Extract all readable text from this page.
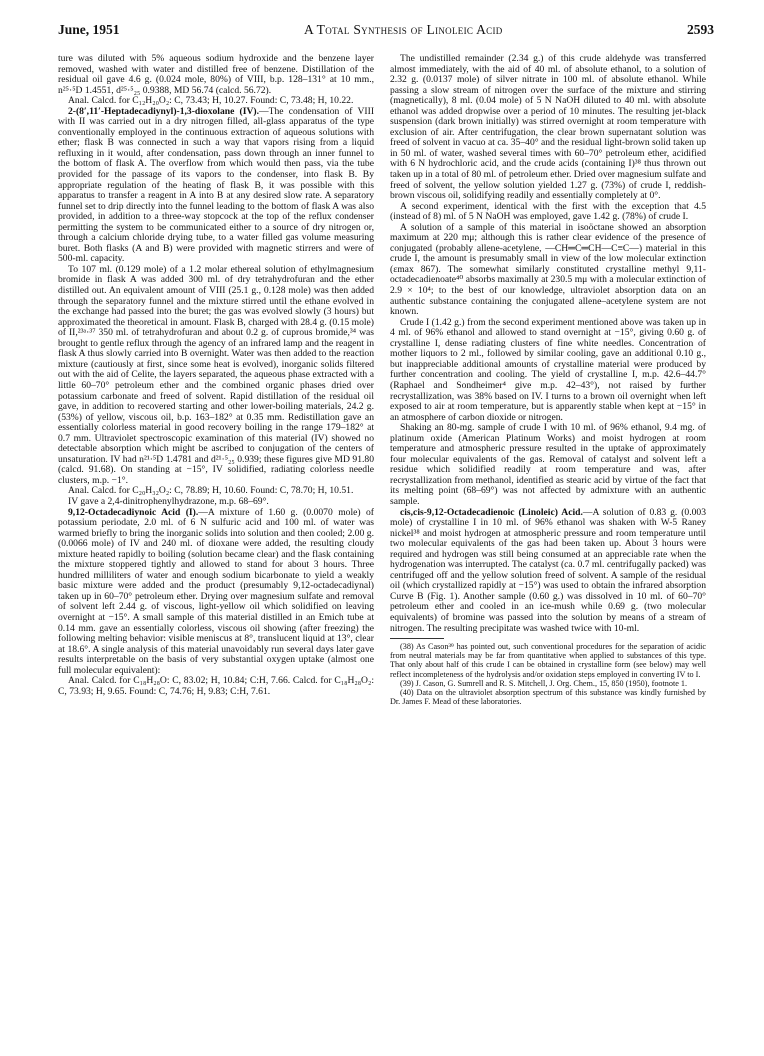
June, 1951	A Total Synthesis of Linoleic Acid	2593

ture was diluted with 5% aqueous sodium hydroxide and the benzene layer removed, washed with water and distilled free of benzene. Distillation of the residual oil gave 4.6 g. (0.024 mole, 80%) of VIII, b.p. 128–131° at 10 mm., n²⁵·⁵D 1.4551, d²⁵·⁵₂₅ 0.9388, MD 56.74 (calcd. 56.72).

Anal. Calcd. for C₁₂H₂₀O₂: C, 73.43; H, 10.27. Found: C, 73.48; H, 10.22.

2-(8′,11′-Heptadecadiynyl)-1,3-dioxolane (IV).—The condensation of VIII with II was carried out in a dry nitrogen filled, all-glass apparatus of the type conventionally employed in the continuous extraction of aqueous solutions with ether; flask B was connected in such a way that vapors rising from a liquid refluxing in it would, after condensation, pass down through an inner funnel to the bottom of flask A. The overflow from which would then pass, via the tube provided for the passage of its vapors to the condenser, into flask B. By appropriate regulation of the heating of flask B, it was possible with this apparatus to transfer a reagent in A into B at any desired slow rate. A separatory funnel set to drip directly into the funnel leading to the bottom of flask A was also provided, in addition to a three-way stopcock at the top of the reflux condenser permitting the system to be communicated either to a source of dry nitrogen or, through a calcium chloride drying tube, to a water filled gas volume measuring buret. Both flasks (A and B) were provided with magnetic stirrers and were of 500-ml. capacity.

To 107 ml. (0.129 mole) of a 1.2 molar ethereal solution of ethylmagnesium bromide in flask A was added 300 ml. of dry tetrahydrofuran and the ether distilled out. An equivalent amount of VIII (25.1 g., 0.128 mole) was then added through the separatory funnel and the mixture stirred until the ethane evolved in the exchange had passed into the buret; the gas was evolved slowly (3 hours) but approximated the theoretical in amount. Flask B, charged with 28.4 g. (0.15 mole) of II,²³ᵃ·³⁷ 350 ml. of tetrahydrofuran and about 0.2 g. of cuprous bromide,³⁴ was brought to gentle reflux through the agency of an infrared lamp and the reagent in flask A thus slowly carried into B overnight. Water was then added to the reaction mixture (cautiously at first, since some heat is evolved), inorganic solids filtered out with the aid of Celite, the layers separated, the aqueous phase extracted with a little 60–70° petroleum ether and the combined organic phases dried over potassium carbonate and freed of solvent. Rapid distillation of the residual oil gave, in addition to recovered starting and other lower-boiling materials, 24.2 g. (53%) of yellow, viscous oil, b.p. 163–182° at 0.35 mm. Redistillation gave an essentially colorless material in good recovery boiling in the range 179–182° at 0.7 mm. Ultraviolet spectroscopic examination of this material (IV) showed no detectable absorption which might be ascribed to conjugation of the centers of unsaturation. IV had n²¹·⁵D 1.4781 and d²¹·⁵₂₅ 0.939; these figures give MD 91.80 (calcd. 91.68). On standing at −15°, IV solidified, radiating colorless needle clusters, m.p. −1°.

Anal. Calcd. for C₂₀H₃₂O₂: C, 78.89; H, 10.60. Found: C, 78.70; H, 10.51.

IV gave a 2,4-dinitrophenylhydrazone, m.p. 68–69°.

9,12-Octadecadiynoic Acid (I).—A mixture of 1.60 g. (0.0070 mole) of potassium periodate, 2.0 ml. of 6 N sulfuric acid and 100 ml. of water was warmed briefly to bring the inorganic solids into solution and then cooled; 2.00 g. (0.0066 mole) of IV and 240 ml. of dioxane were added, the resulting cloudy mixture heated rapidly to boiling (solution became clear) and the flask containing the mixture stoppered tightly and allowed to stand for about 3 hours. Three hundred milliliters of water and enough sodium bicarbonate to yield a weakly basic mixture were added and the product (presumably 9,12-octadecadiynal) taken up in 60–70° petroleum ether. Drying over magnesium sulfate and removal of solvent left 2.44 g. of viscous, light-yellow oil which solidified on leaving overnight at −15°. A small sample of this material distilled in an Emich tube at 0.14 mm. gave an essentially colorless, viscous oil showing (after freezing) the following melting behavior: visible meniscus at 8°, translucent liquid at 13°, clear at 18.6°. A single analysis of this material unavoidably run several days later gave results interpretable on the basis of very substantial oxygen uptake (almost one full molecular equivalent):

Anal. Calcd. for C₁₈H₂₈O: C, 83.02; H, 10.84; C:H, 7.66. Calcd. for C₁₈H₂₈O₂: C, 73.93; H, 9.65. Found: C, 74.76; H, 9.83; C:H, 7.61.

The undistilled remainder (2.34 g.) of this crude aldehyde was transferred almost immediately, with the aid of 40 ml. of absolute ethanol, to a solution of 2.32 g. (0.0137 mole) of silver nitrate in 100 ml. of absolute ethanol. While passing a slow stream of nitrogen over the surface of the mixture and stirring (magnetically), 8 ml. (0.04 mole) of 5 N NaOH diluted to 40 ml. with absolute ethanol was added dropwise over a period of 10 minutes. The resulting jet-black suspension (dark brown initially) was stirred overnight at room temperature with exclusion of air. After centrifugation, the clear brown supernatant solution was freed of solvent in vacuo at ca. 35–40° and the residual light-brown solid taken up in 50 ml. of water, washed several times with 60–70° petroleum ether, acidified with 6 N hydrochloric acid, and the crude acids (containing I)³⁸ thus thrown out taken up in a total of 80 ml. of petroleum ether. Dried over magnesium sulfate and freed of solvent, the yellow solution yielded 1.27 g. (73%) of crude I, reddish-brown viscous oil, solidifying readily and essentially completely at 0°.

A second experiment, identical with the first with the exception that 4.5 (instead of 8) ml. of 5 N NaOH was employed, gave 1.42 g. (78%) of crude I.

A solution of a sample of this material in isoöctane showed an absorption maximum at 220 mμ; although this is rather clear evidence of the presence of conjugated (probably allene-acetylene, —CH═C═CH—C≡C—) material in this crude I, the amount is presumably small in view of the low molecular extinction (εmax 867). The somewhat similarly constituted crystalline methyl 9,11-octadecadienoate⁴⁰ absorbs maximally at 230.5 mμ with a molecular extinction of 2.9 × 10⁴; to the best of our knowledge, ultraviolet absorption data on an authentic substance containing the conjugated allene–acetylene system are not known.

Crude I (1.42 g.) from the second experiment mentioned above was taken up in 4 ml. of 96% ethanol and allowed to stand overnight at −15°, giving 0.60 g. of crystalline I, dense radiating clusters of fine white needles. Concentration of mother liquors to 2 ml., followed by similar cooling, gave an additional 0.10 g., but inappreciable additional amounts of crystalline material were produced by further concentration and cooling. The yield of crystalline I, m.p. 42.6–44.7° (Raphael and Sondheimer⁴ give m.p. 42–43°), not raised by further recrystallization, was 38% based on IV. I turns to a brown oil overnight when left exposed to air at room temperature, but is apparently stable when kept at −15° in an atmosphere of carbon dioxide or nitrogen.

Shaking an 80-mg. sample of crude I with 10 ml. of 96% ethanol, 9.4 mg. of platinum oxide (American Platinum Works) and moist hydrogen at room temperature and atmospheric pressure resulted in the uptake of approximately four molecular equivalents of the gas. Removal of catalyst and solvent left a residue which solidified readily at room temperature and was, after recrystallization from methanol, identified as stearic acid by virtue of the fact that its melting point (68–69°) was not affected by admixture with an authentic sample.

cis,cis-9,12-Octadecadienoic (Linoleic) Acid.—A solution of 0.83 g. (0.003 mole) of crystalline I in 10 ml. of 96% ethanol was shaken with W-5 Raney nickel³⁸ and moist hydrogen at atmospheric pressure and room temperature until two molecular equivalents of the gas had been taken up. About 3 hours were required and hydrogen was still being consumed at an appreciable rate when the hydrogenation was interrupted. The catalyst (ca. 0.7 ml. centrifugally packed) was centrifuged off and the yellow solution freed of solvent. A sample of the residual oil (which crystallized rapidly at −15°) was used to obtain the infrared absorption Curve B (Fig. 1). Another sample (0.60 g.) was dissolved in 10 ml. of 60–70° petroleum ether and cooled in an ice-mush while 0.69 g. (two molecular equivalents) of bromine was passed into the solution by means of a stream of nitrogen. The resulting precipitate was washed twice with 10-ml.

(38) As Cason³⁹ has pointed out, such conventional procedures for the separation of acidic from neutral materials may be far from quantitative when applied to substances of this type. That only about half of this crude I can be obtained in crystalline form (see below) may well reflect incompleteness of the hydrolysis and/or oxidation steps employed in converting IV to I.

(39) J. Cason, G. Sumrell and R. S. Mitchell, J. Org. Chem., 15, 850 (1950), footnote 1.

(40) Data on the ultraviolet absorption spectrum of this substance was kindly furnished by Dr. James F. Mead of these laboratories.
